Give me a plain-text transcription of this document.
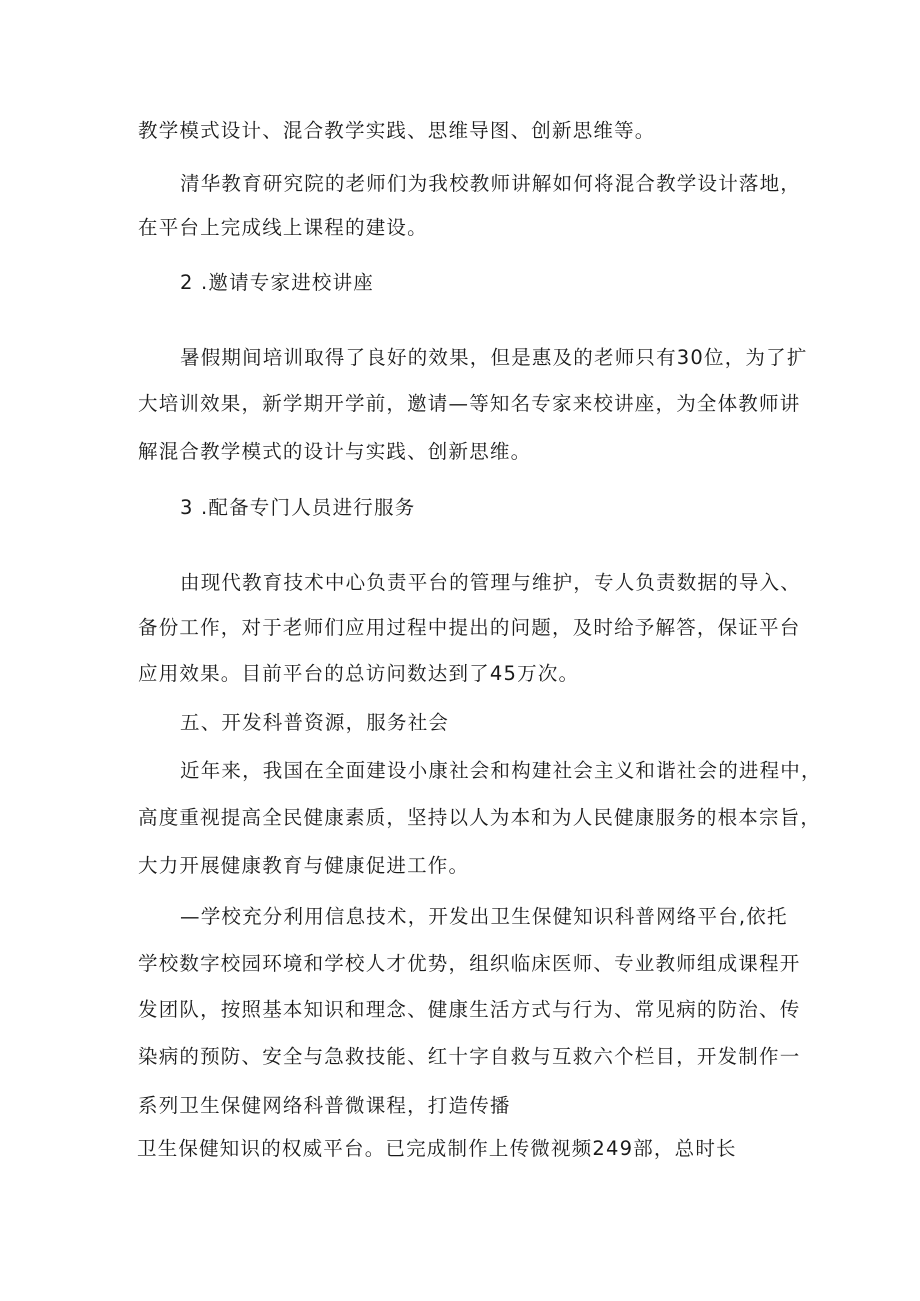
教学模式设计、混合教学实践、思维导图、创新思维等。
清华教育研究院的老师们为我校教师讲解如何将混合教学设计落地，
在平台上完成线上课程的建设。
2 .邀请专家进校讲座
暑假期间培训取得了良好的效果，但是惠及的老师只有30位，为了扩
大培训效果，新学期开学前，邀请—等知名专家来校讲座，为全体教师讲
解混合教学模式的设计与实践、创新思维。
3 .配备专门人员进行服务
由现代教育技术中心负责平台的管理与维护，专人负责数据的导入、
备份工作，对于老师们应用过程中提出的问题，及时给予解答，保证平台
应用效果。目前平台的总访问数达到了45万次。
五、开发科普资源，服务社会
近年来，我国在全面建设小康社会和构建社会主义和谐社会的进程中，
高度重视提高全民健康素质，坚持以人为本和为人民健康服务的根本宗旨，
大力开展健康教育与健康促进工作。
—学校充分利用信息技术，开发出卫生保健知识科普网络平台,依托
学校数字校园环境和学校人才优势，组织临床医师、专业教师组成课程开
发团队，按照基本知识和理念、健康生活方式与行为、常见病的防治、传
染病的预防、安全与急救技能、红十字自救与互救六个栏目，开发制作一
系列卫生保健网络科普微课程，打造传播
卫生保健知识的权威平台。已完成制作上传微视频249部，总时长
